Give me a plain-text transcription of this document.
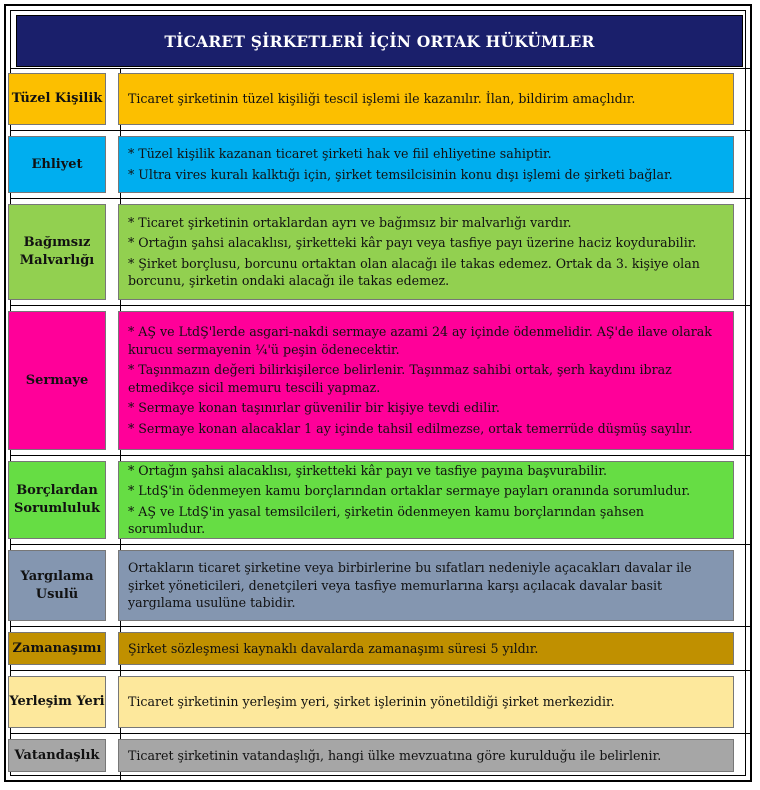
TİCARET ŞİRKETLERİ İÇİN ORTAK HÜKÜMLER
Tüzel Kişilik Ticaret şirketinin tüzel kişiliği tescil işlemi ile kazanılır. İlan, bildirim amaçlıdır.
Ehliyet
* Tüzel kişilik kazanan ticaret şirketi hak ve fiil ehliyetine sahiptir.
* Ultra vires kuralı kalktığı için, şirket temsilcisinin konu dışı işlemi de şirketi bağlar.
Bağımsız Malvarlığı
* Ticaret şirketinin ortaklardan ayrı ve bağımsız bir malvarlığı vardır.
* Ortağın şahsi alacaklısı, şirketteki kâr payı veya tasfiye payı üzerine haciz koydurabilir.
* Şirket borçlusu, borcunu ortaktan olan alacağı ile takas edemez. Ortak da 3. kişiye olan borcunu, şirketin ondaki alacağı ile takas edemez.
Sermaye
* AŞ ve LtdŞ'lerde asgari-nakdi sermaye azami 24 ay içinde ödenmelidir. AŞ'de ilave olarak kurucu sermayenin ¼'ü peşin ödenecektir.
* Taşınmazın değeri bilirkişilerce belirlenir. Taşınmaz sahibi ortak, şerh kaydını ibraz etmedikçe sicil memuru tescili yapmaz.
* Sermaye konan taşınırlar güvenilir bir kişiye tevdi edilir.
* Sermaye konan alacaklar 1 ay içinde tahsil edilmezse, ortak temerrüde düşmüş sayılır.
Borçlardan Sorumluluk
* Ortağın şahsi alacaklısı, şirketteki kâr payı ve tasfiye payına başvurabilir.
* LtdŞ'in ödenmeyen kamu borçlarından ortaklar sermaye payları oranında sorumludur.
* AŞ ve LtdŞ'in yasal temsilcileri, şirketin ödenmeyen kamu borçlarından şahsen sorumludur.
Yargılama Usulü
Ortakların ticaret şirketine veya birbirlerine bu sıfatları nedeniyle açacakları davalar ile şirket yöneticileri, denetçileri veya tasfiye memurlarına karşı açılacak davalar basit yargılama usulüne tabidir.
Zamanaşımı	Şirket sözleşmesi kaynaklı davalarda zamanaşımı süresi 5 yıldır.
Yerleşim Yeri Ticaret şirketinin yerleşim yeri, şirket işlerinin yönetildiği şirket merkezidir.
Vatandaşlık	Ticaret şirketinin vatandaşlığı, hangi ülke mevzuatına göre kurulduğu ile belirlenir.
